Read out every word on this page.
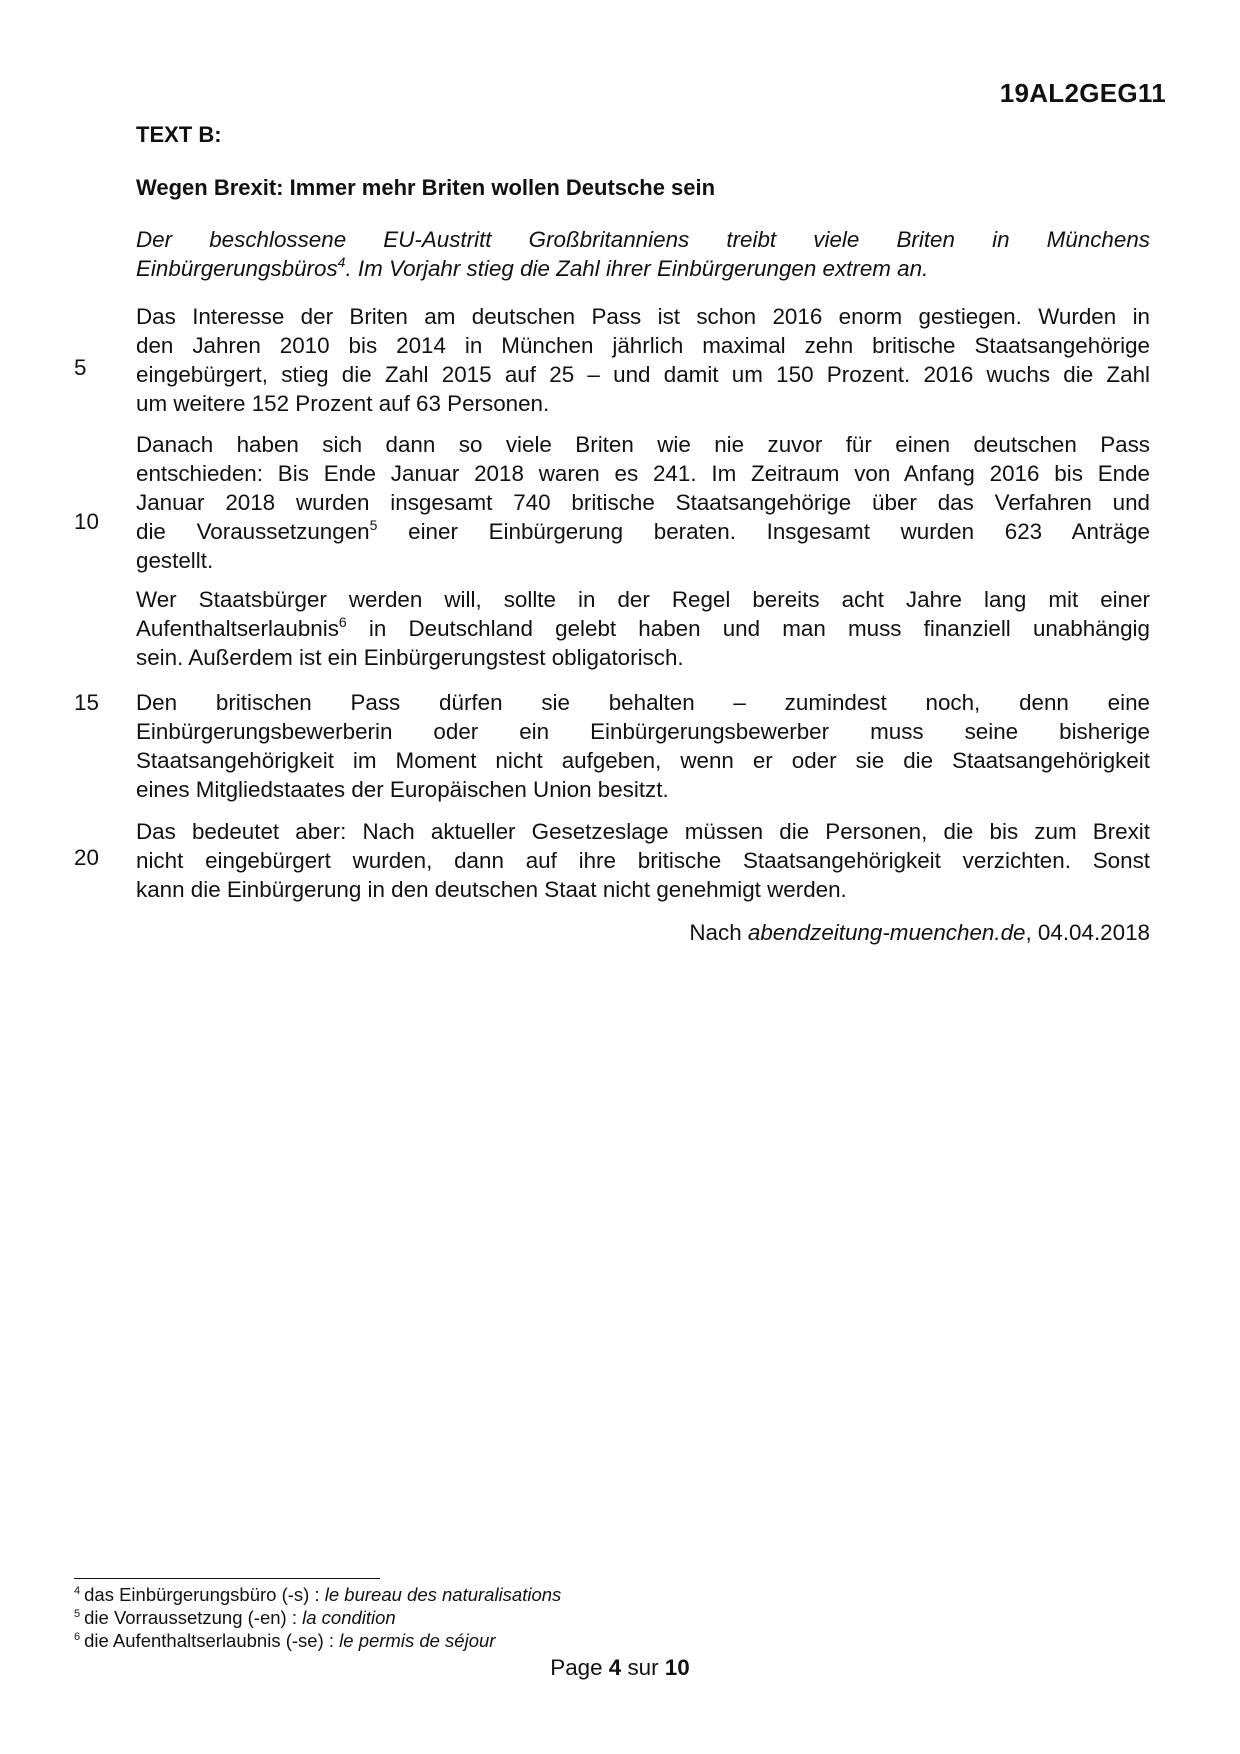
19AL2GEG11
TEXT B:
Wegen Brexit: Immer mehr Briten wollen Deutsche sein
Der beschlossene EU-Austritt Großbritanniens treibt viele Briten in Münchens
Einbürgerungsbüros$^4$. Im Vorjahr stieg die Zahl ihrer Einbürgerungen extrem an.
Das Interesse der Briten am deutschen Pass ist schon 2016 enorm gestiegen. Wurden in
den Jahren 2010 bis 2014 in München jährlich maximal zehn britische Staatsangehörige
eingebürgert, stieg die Zahl 2015 auf 25 – und damit um 150 Prozent. 2016 wuchs die Zahl
um weitere 152 Prozent auf 63 Personen.
Danach haben sich dann so viele Briten wie nie zuvor für einen deutschen Pass
entschieden: Bis Ende Januar 2018 waren es 241. Im Zeitraum von Anfang 2016 bis Ende
Januar 2018 wurden insgesamt 740 britische Staatsangehörige über das Verfahren und
die Voraussetzungen$^5$ einer Einbürgerung beraten. Insgesamt wurden 623 Anträge
gestellt.
Wer Staatsbürger werden will, sollte in der Regel bereits acht Jahre lang mit einer
Aufenthaltserlaubnis$^6$ in Deutschland gelebt haben und man muss finanziell unabhängig
sein. Außerdem ist ein Einbürgerungstest obligatorisch.
Den britischen Pass dürfen sie behalten – zumindest noch, denn eine
Einbürgerungsbewerberin oder ein Einbürgerungsbewerber muss seine bisherige
Staatsangehörigkeit im Moment nicht aufgeben, wenn er oder sie die Staatsangehörigkeit
eines Mitgliedstaates der Europäischen Union besitzt.
Das bedeutet aber: Nach aktueller Gesetzeslage müssen die Personen, die bis zum Brexit
nicht eingebürgert wurden, dann auf ihre britische Staatsangehörigkeit verzichten. Sonst
kann die Einbürgerung in den deutschen Staat nicht genehmigt werden.
5
10
15
20
Nach abendzeitung-muenchen.de, 04.04.2018
$^4$ das Einbürgerungsbüro (-s) : le bureau des naturalisations
$^5$ die Vorraussetzung (-en) : la condition
$^6$ die Aufenthaltserlaubnis (-se) : le permis de séjour
Page 4 sur 10
